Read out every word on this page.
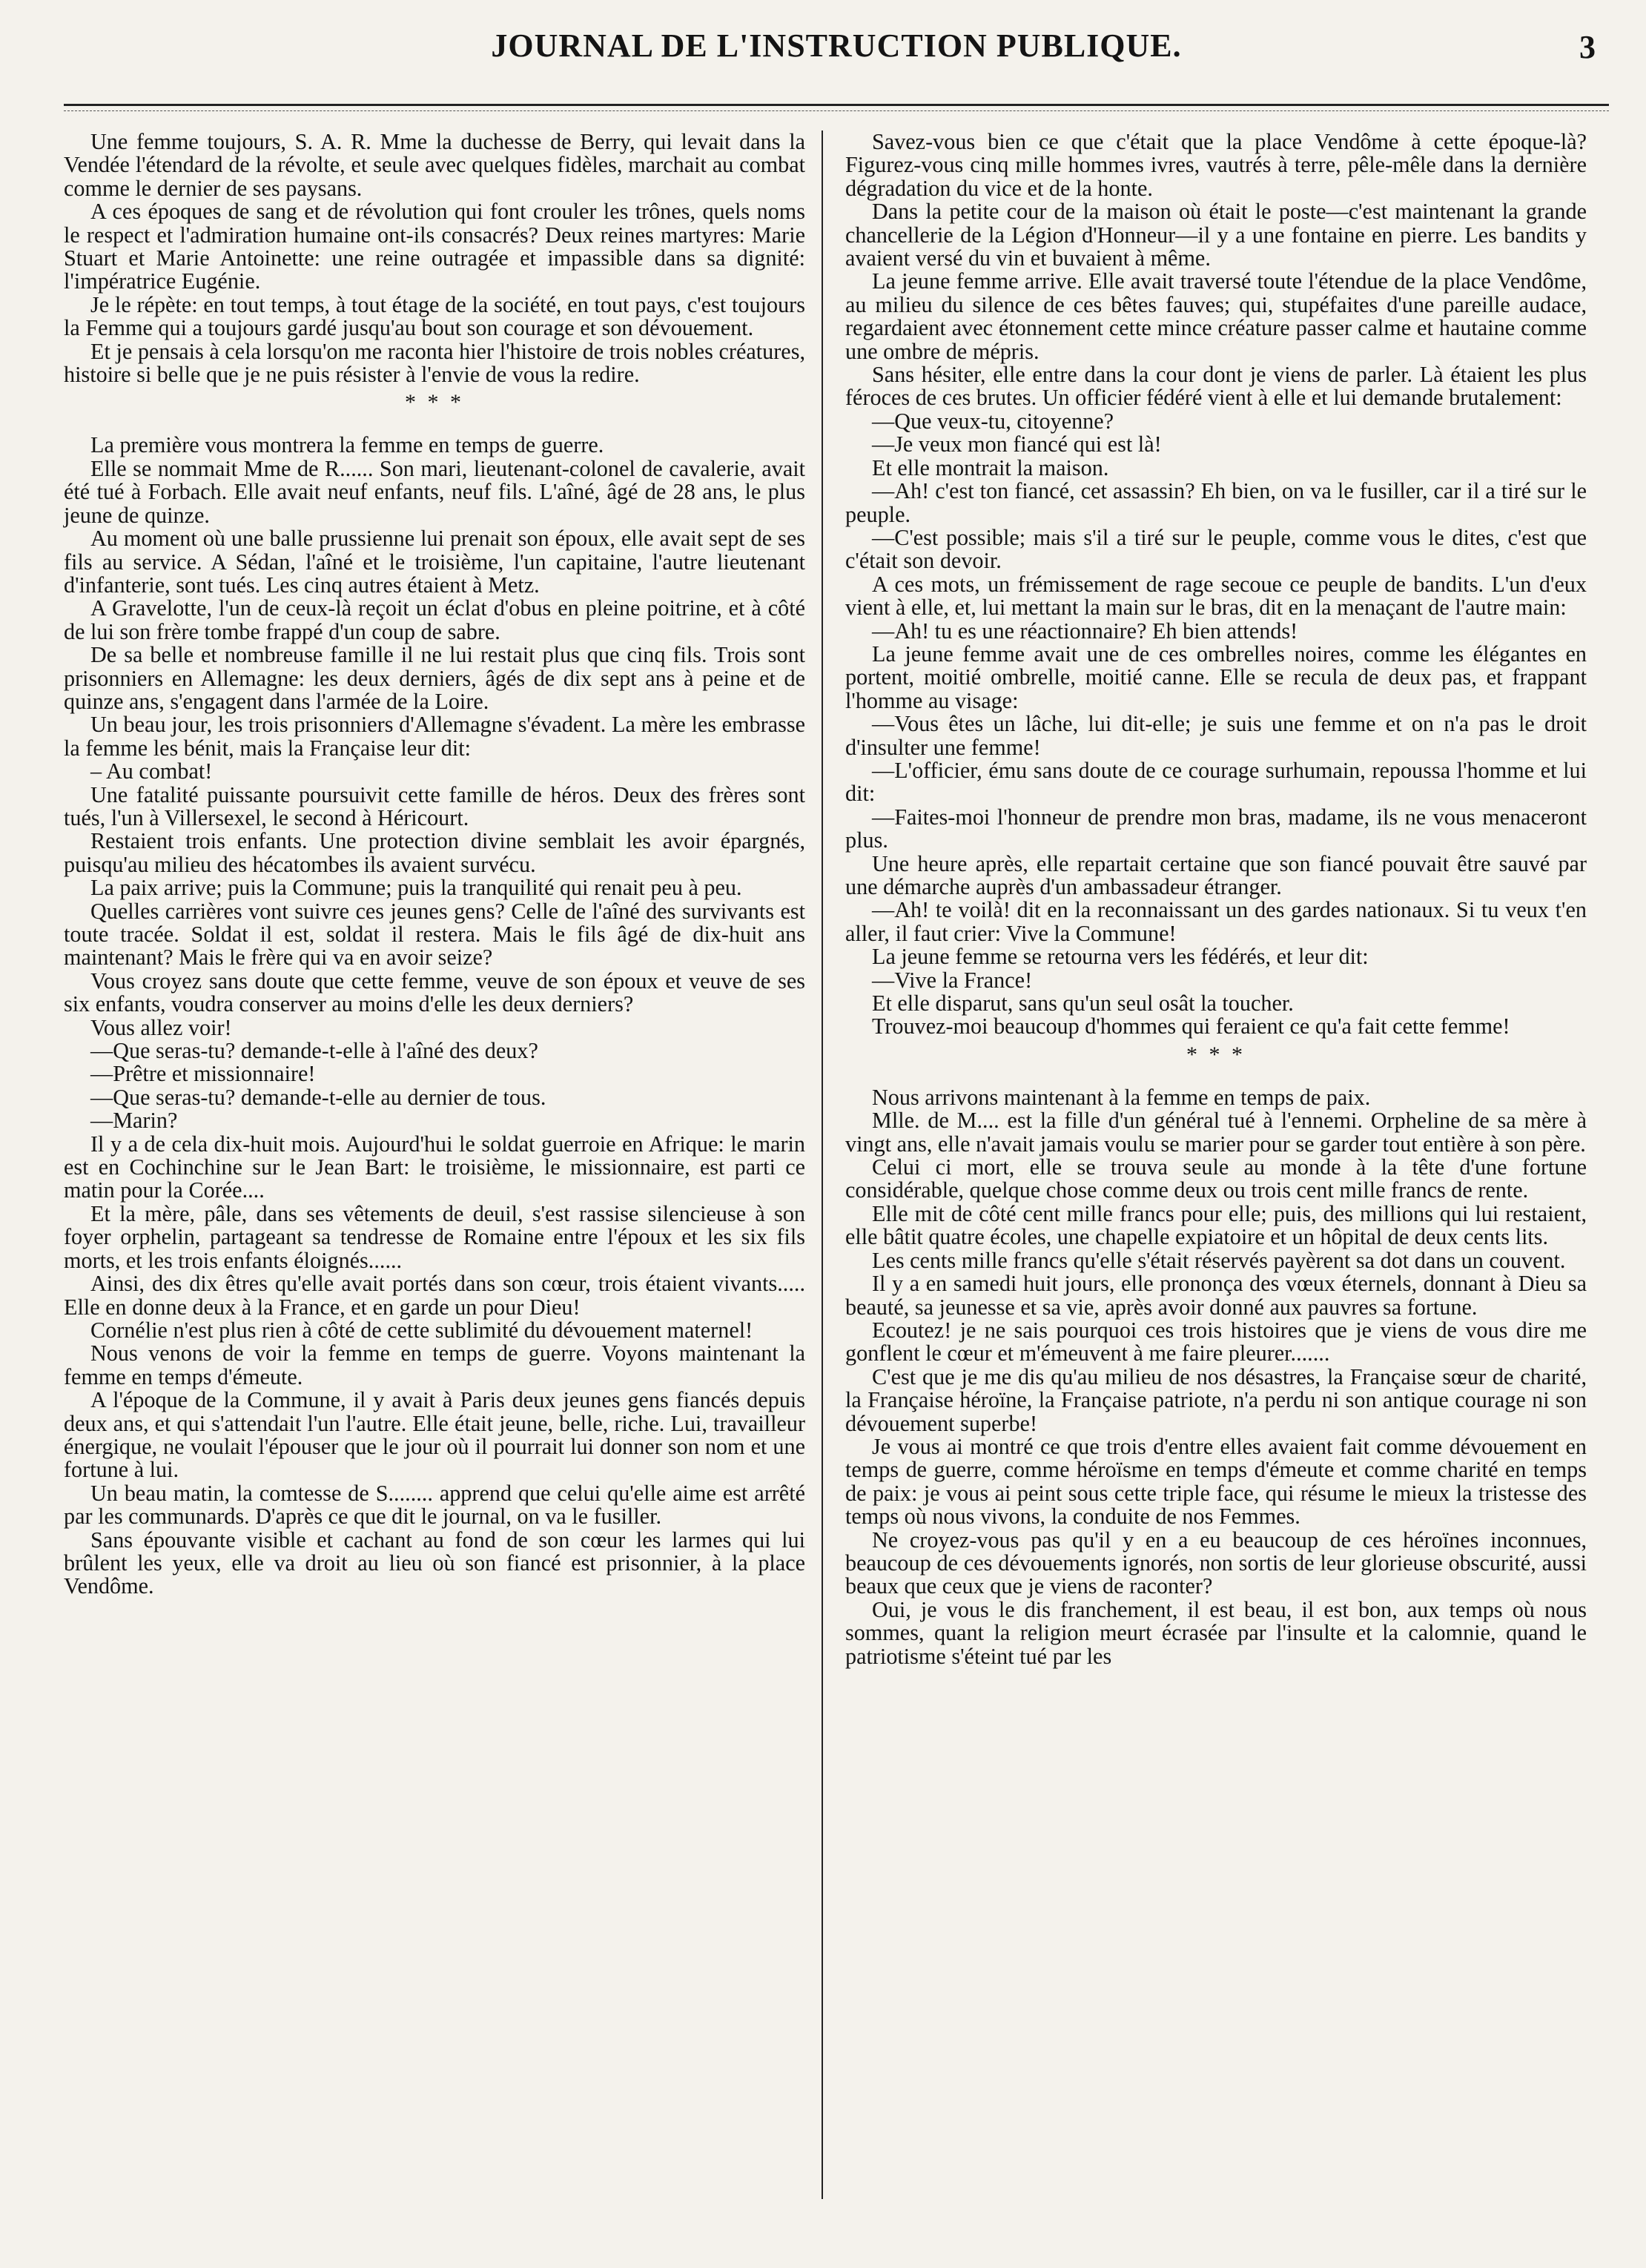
JOURNAL DE L'INSTRUCTION PUBLIQUE.	3

Une femme toujours, S. A. R. Mme la duchesse de Berry, qui levait dans la Vendée l'étendard de la révolte, et seule avec quelques fidèles, marchait au combat comme le dernier de ses paysans.

A ces époques de sang et de révolution qui font crouler les trônes, quels noms le respect et l'admiration humaine ont-ils consacrés? Deux reines martyres: Marie Stuart et Marie Antoinette: une reine outragée et impassible dans sa dignité: l'impératrice Eugénie.

Je le répète: en tout temps, à tout étage de la société, en tout pays, c'est toujours la Femme qui a toujours gardé jusqu'au bout son courage et son dévouement.

Et je pensais à cela lorsqu'on me raconta hier l'histoire de trois nobles créatures, histoire si belle que je ne puis résister à l'envie de vous la redire.

* * *

La première vous montrera la femme en temps de guerre.

Elle se nommait Mme de R...... Son mari, lieutenant-colonel de cavalerie, avait été tué à Forbach. Elle avait neuf enfants, neuf fils. L'aîné, âgé de 28 ans, le plus jeune de quinze.

Au moment où une balle prussienne lui prenait son époux, elle avait sept de ses fils au service. A Sédan, l'aîné et le troisième, l'un capitaine, l'autre lieutenant d'infanterie, sont tués. Les cinq autres étaient à Metz.

A Gravelotte, l'un de ceux-là reçoit un éclat d'obus en pleine poitrine, et à côté de lui son frère tombe frappé d'un coup de sabre.

De sa belle et nombreuse famille il ne lui restait plus que cinq fils. Trois sont prisonniers en Allemagne: les deux derniers, âgés de dix sept ans à peine et de quinze ans, s'engagent dans l'armée de la Loire.

Un beau jour, les trois prisonniers d'Allemagne s'évadent. La mère les embrasse la femme les bénit, mais la Française leur dit:

– Au combat!

Une fatalité puissante poursuivit cette famille de héros. Deux des frères sont tués, l'un à Villersexel, le second à Héricourt.

Restaient trois enfants. Une protection divine semblait les avoir épargnés, puisqu'au milieu des hécatombes ils avaient survécu.

La paix arrive; puis la Commune; puis la tranquilité qui renait peu à peu.

Quelles carrières vont suivre ces jeunes gens? Celle de l'aîné des survivants est toute tracée. Soldat il est, soldat il restera. Mais le fils âgé de dix-huit ans maintenant? Mais le frère qui va en avoir seize?

Vous croyez sans doute que cette femme, veuve de son époux et veuve de ses six enfants, voudra conserver au moins d'elle les deux derniers?

Vous allez voir!

—Que seras-tu? demande-t-elle à l'aîné des deux?

—Prêtre et missionnaire!

—Que seras-tu? demande-t-elle au dernier de tous.

—Marin?

Il y a de cela dix-huit mois. Aujourd'hui le soldat guerroie en Afrique: le marin est en Cochinchine sur le Jean Bart: le troisième, le missionnaire, est parti ce matin pour la Corée....

Et la mère, pâle, dans ses vêtements de deuil, s'est rassise silencieuse à son foyer orphelin, partageant sa tendresse de Romaine entre l'époux et les six fils morts, et les trois enfants éloignés......

Ainsi, des dix êtres qu'elle avait portés dans son cœur, trois étaient vivants..... Elle en donne deux à la France, et en garde un pour Dieu!

Cornélie n'est plus rien à côté de cette sublimité du dévouement maternel!

Nous venons de voir la femme en temps de guerre. Voyons maintenant la femme en temps d'émeute.

A l'époque de la Commune, il y avait à Paris deux jeunes gens fiancés depuis deux ans, et qui s'attendait l'un l'autre. Elle était jeune, belle, riche. Lui, travailleur énergique, ne voulait l'épouser que le jour où il pourrait lui donner son nom et une fortune à lui.

Un beau matin, la comtesse de S........ apprend que celui qu'elle aime est arrêté par les communards. D'après ce que dit le journal, on va le fusiller.

Sans épouvante visible et cachant au fond de son cœur les larmes qui lui brûlent les yeux, elle va droit au lieu où son fiancé est prisonnier, à la place Vendôme.

Savez-vous bien ce que c'était que la place Vendôme à cette époque-là? Figurez-vous cinq mille hommes ivres, vautrés à terre, pêle-mêle dans la dernière dégradation du vice et de la honte.

Dans la petite cour de la maison où était le poste—c'est maintenant la grande chancellerie de la Légion d'Honneur—il y a une fontaine en pierre. Les bandits y avaient versé du vin et buvaient à même.

La jeune femme arrive. Elle avait traversé toute l'étendue de la place Vendôme, au milieu du silence de ces bêtes fauves; qui, stupéfaites d'une pareille audace, regardaient avec étonnement cette mince créature passer calme et hautaine comme une ombre de mépris.

Sans hésiter, elle entre dans la cour dont je viens de parler. Là étaient les plus féroces de ces brutes. Un officier fédéré vient à elle et lui demande brutalement:

—Que veux-tu, citoyenne?

—Je veux mon fiancé qui est là!

Et elle montrait la maison.

—Ah! c'est ton fiancé, cet assassin? Eh bien, on va le fusiller, car il a tiré sur le peuple.

—C'est possible; mais s'il a tiré sur le peuple, comme vous le dites, c'est que c'était son devoir.

A ces mots, un frémissement de rage secoue ce peuple de bandits. L'un d'eux vient à elle, et, lui mettant la main sur le bras, dit en la menaçant de l'autre main:

—Ah! tu es une réactionnaire? Eh bien attends!

La jeune femme avait une de ces ombrelles noires, comme les élégantes en portent, moitié ombrelle, moitié canne. Elle se recula de deux pas, et frappant l'homme au visage:

—Vous êtes un lâche, lui dit-elle; je suis une femme et on n'a pas le droit d'insulter une femme!

—L'officier, ému sans doute de ce courage surhumain, repoussa l'homme et lui dit:

—Faites-moi l'honneur de prendre mon bras, madame, ils ne vous menaceront plus.

Une heure après, elle repartait certaine que son fiancé pouvait être sauvé par une démarche auprès d'un ambassadeur étranger.

—Ah! te voilà! dit en la reconnaissant un des gardes nationaux. Si tu veux t'en aller, il faut crier: Vive la Commune!

La jeune femme se retourna vers les fédérés, et leur dit:

—Vive la France!

Et elle disparut, sans qu'un seul osât la toucher.

Trouvez-moi beaucoup d'hommes qui feraient ce qu'a fait cette femme!

* * *

Nous arrivons maintenant à la femme en temps de paix.

Mlle. de M.... est la fille d'un général tué à l'ennemi. Orpheline de sa mère à vingt ans, elle n'avait jamais voulu se marier pour se garder tout entière à son père.

Celui ci mort, elle se trouva seule au monde à la tête d'une fortune considérable, quelque chose comme deux ou trois cent mille francs de rente.

Elle mit de côté cent mille francs pour elle; puis, des millions qui lui restaient, elle bâtit quatre écoles, une chapelle expiatoire et un hôpital de deux cents lits.

Les cents mille francs qu'elle s'était réservés payèrent sa dot dans un couvent.

Il y a en samedi huit jours, elle prononça des vœux éternels, donnant à Dieu sa beauté, sa jeunesse et sa vie, après avoir donné aux pauvres sa fortune.

Ecoutez! je ne sais pourquoi ces trois histoires que je viens de vous dire me gonflent le cœur et m'émeuvent à me faire pleurer.......

C'est que je me dis qu'au milieu de nos désastres, la Française sœur de charité, la Française héroïne, la Française patriote, n'a perdu ni son antique courage ni son dévouement superbe!

Je vous ai montré ce que trois d'entre elles avaient fait comme dévouement en temps de guerre, comme héroïsme en temps d'émeute et comme charité en temps de paix: je vous ai peint sous cette triple face, qui résume le mieux la tristesse des temps où nous vivons, la conduite de nos Femmes.

Ne croyez-vous pas qu'il y en a eu beaucoup de ces héroïnes inconnues, beaucoup de ces dévouements ignorés, non sortis de leur glorieuse obscurité, aussi beaux que ceux que je viens de raconter?

Oui, je vous le dis franchement, il est beau, il est bon, aux temps où nous sommes, quant la religion meurt écrasée par l'insulte et la calomnie, quand le patriotisme s'éteint tué par les
